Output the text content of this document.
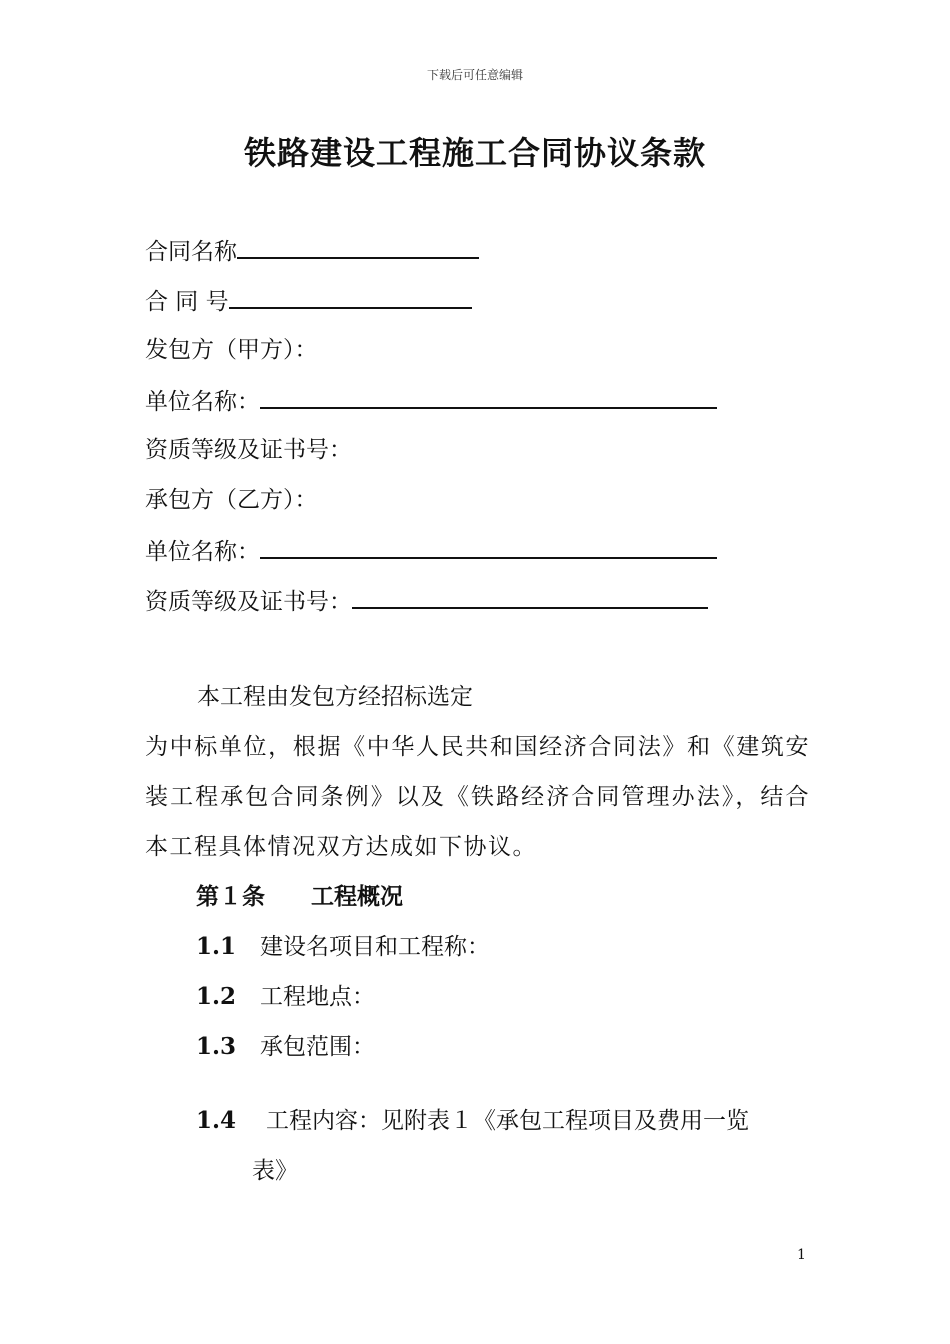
下载后可任意编辑
铁路建设工程施工合同协议条款
合同名称
合 同 号
发包方（甲方）：
单位名称：
资质等级及证书号：
承包方（乙方）：
单位名称：
资质等级及证书号：
本工程由发包方经招标选定
为中标单位，根据《中华人民共和国经济合同法》和《建筑安装工程承包合同条例》以及《铁路经济合同管理办法》，结合本工程具体情况双方达成如下协议。
第１条　　工程概况
1.1 建设名项目和工程称：
1.2 工程地点：
1.3 承包范围：
1.4 工程内容：见附表１《承包工程项目及费用一览
表》
1
